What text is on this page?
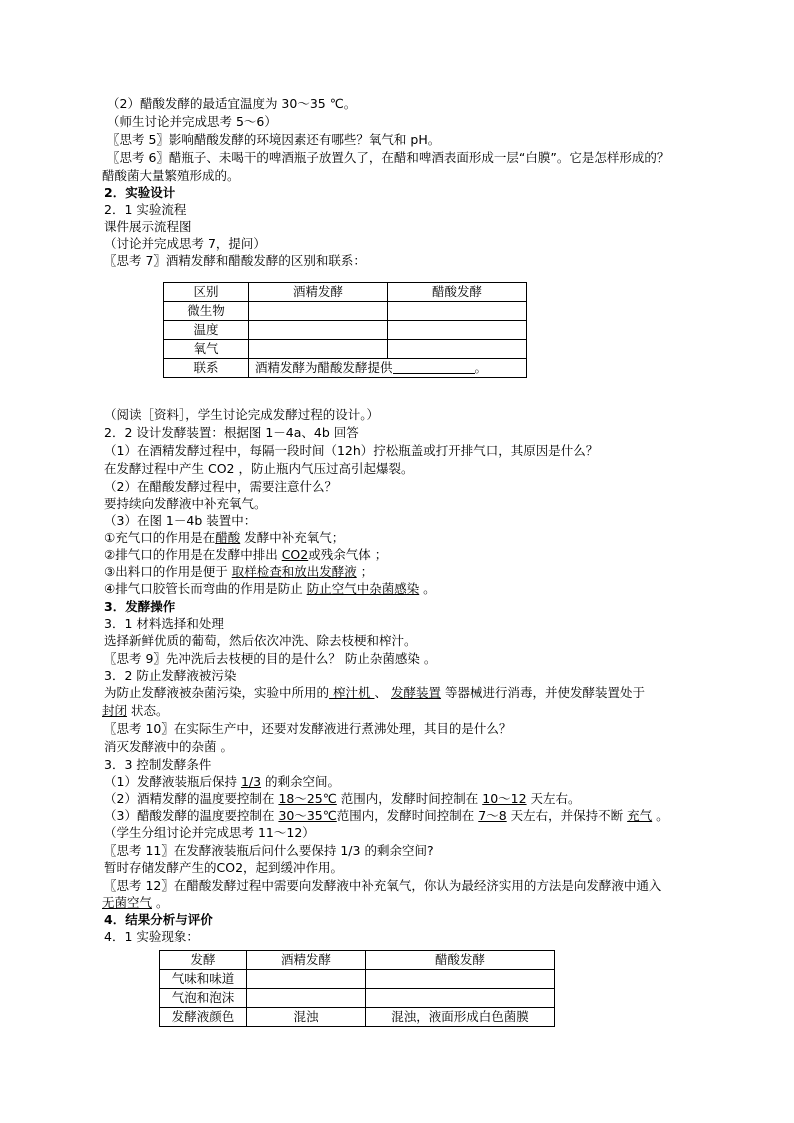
（2）醋酸发酵的最适宜温度为 30～35 ℃。
（师生讨论并完成思考 5～6）
〖思考 5〗影响醋酸发酵的环境因素还有哪些？氧气和 pH。
〖思考 6〗醋瓶子、未喝干的啤酒瓶子放置久了，在醋和啤酒表面形成一层“白膜”。它是怎样形成的？
醋酸菌大量繁殖形成的。
2．实验设计
2．1 实验流程
课件展示流程图
（讨论并完成思考 7，提问）
〖思考 7〗酒精发酵和醋酸发酵的区别和联系：
区别	酒精发酵	醋酸发酵
微生物		
温度		
氧气		
联系	酒精发酵为醋酸发酵提供 。	
（阅读［资料］，学生讨论完成发酵过程的设计。）
2．2 设计发酵装置：根据图 1－4a、4b 回答
（1）在酒精发酵过程中，每隔一段时间（12h）拧松瓶盖或打开排气口，其原因是什么？
在发酵过程中产生 CO2 ，防止瓶内气压过高引起爆裂。
（2）在醋酸发酵过程中，需要注意什么？
要持续向发酵液中补充氧气。
（3）在图 1－4b 装置中：
①充气口的作用是在醋酸 发酵中补充氧气；
②排气口的作用是在发酵中排出 CO2或残余气体 ；
③出料口的作用是便于 取样检查和放出发酵液 ；
④排气口胶管长而弯曲的作用是防止 防止空气中杂菌感染 。
3．发酵操作
3．1 材料选择和处理
选择新鲜优质的葡萄，然后依次冲洗、除去枝梗和榨汁。
〖思考 9〗先冲洗后去枝梗的目的是什么？ 防止杂菌感染 。
3．2 防止发酵液被污染
为防止发酵液被杂菌污染，实验中所用的 榨汁机 、 发酵装置 等器械进行消毒，并使发酵装置处于
封闭 状态。
〖思考 10〗在实际生产中，还要对发酵液进行煮沸处理，其目的是什么？
消灭发酵液中的杂菌 。
3．3 控制发酵条件
（1）发酵液装瓶后保持 1/3 的剩余空间。
（2）酒精发酵的温度要控制在 18～25℃ 范围内，发酵时间控制在 10～12 天左右。
（3）醋酸发酵的温度要控制在 30～35℃范围内，发酵时间控制在 7～8 天左右，并保持不断 充气 。
（学生分组讨论并完成思考 11～12）
〖思考 11〗在发酵液装瓶后问什么要保持 1/3 的剩余空间?
暂时存储发酵产生的CO2，起到缓冲作用。
〖思考 12〗在醋酸发酵过程中需要向发酵液中补充氧气，你认为最经济实用的方法是向发酵液中通入
无菌空气 。
4．结果分析与评价
4．1 实验现象：
发酵	酒精发酵	醋酸发酵
气味和味道		
气泡和泡沫		
发酵液颜色	混浊	混浊，液面形成白色菌膜
